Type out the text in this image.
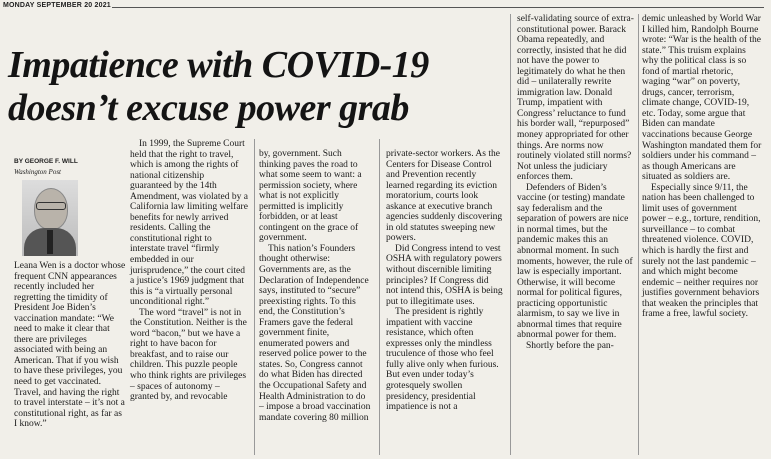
MONDAY SEPTEMBER 20 2021
Impatience with COVID-19 doesn’t excuse power grab
BY GEORGE F. WILL
Washington Post

Leana Wen is a doctor whose frequent CNN appearances recently included her regretting the timidity of President Joe Biden’s vaccination mandate: “We need to make it clear that there are privileges associated with being an American. That if you wish to have these privileges, you need to get vaccinated. Travel, and having the right to travel interstate – it’s not a constitutional right, as far as I know.”

In 1999, the Supreme Court held that the right to travel, which is among the rights of national citizenship guaranteed by the 14th Amendment, was violated by a California law limiting welfare benefits for newly arrived residents. Calling the constitutional right to interstate travel “firmly embedded in our jurisprudence,” the court cited a justice’s 1969 judgment that this is “a virtually personal unconditional right.”

The word “travel” is not in the Constitution. Neither is the word “bacon,” but we have a right to have bacon for breakfast, and to raise our children. This puzzle people who think rights are privileges – spaces of autonomy – granted by, and revocable

by, government. Such thinking paves the road to what some seem to want: a permission society, where what is not explicitly permitted is implicitly forbidden, or at least contingent on the grace of government.

This nation’s Founders thought otherwise: Governments are, as the Declaration of Independence says, instituted to “secure” preexisting rights. To this end, the Constitution’s Framers gave the federal government finite, enumerated powers and reserved police power to the states. So, Congress cannot do what Biden has directed the Occupational Safety and Health Administration to do – impose a broad vaccination mandate covering 80 million

private-sector workers. As the Centers for Disease Control and Prevention recently learned regarding its eviction moratorium, courts look askance at executive branch agencies suddenly discovering in old statutes sweeping new powers.

Did Congress intend to vest OSHA with regulatory powers without discernible limiting principles? If Congress did not intend this, OSHA is being put to illegitimate uses.

The president is rightly impatient with vaccine resistance, which often expresses only the mindless truculence of those who feel fully alive only when furious. But even under today’s grotesquely swollen presidency, presidential impatience is not a

self-validating source of extra-constitutional power. Barack Obama repeatedly, and correctly, insisted that he did not have the power to legitimately do what he then did – unilaterally rewrite immigration law. Donald Trump, impatient with Congress’ reluctance to fund his border wall, “repurposed” money appropriated for other things. Are norms now routinely violated still norms? Not unless the judiciary enforces them.

Defenders of Biden’s vaccine (or testing) mandate say federalism and the separation of powers are nice in normal times, but the pandemic makes this an abnormal moment. In such moments, however, the rule of law is especially important. Otherwise, it will become normal for political figures, practicing opportunistic alarmism, to say we live in abnormal times that require abnormal power for them.

Shortly before the pan-

demic unleashed by World War I killed him, Randolph Bourne wrote: “War is the health of the state.” This truism explains why the political class is so fond of martial rhetoric, waging “war” on poverty, drugs, cancer, terrorism, climate change, COVID-19, etc. Today, some argue that Biden can mandate vaccinations because George Washington mandated them for soldiers under his command – as though Americans are situated as soldiers are.

Especially since 9/11, the nation has been challenged to limit uses of government power – e.g., torture, rendition, surveillance – to combat threatened violence. COVID, which is hardly the first and surely not the last pandemic – and which might become endemic – neither requires nor justifies government behaviors that weaken the principles that frame a free, lawful society.
